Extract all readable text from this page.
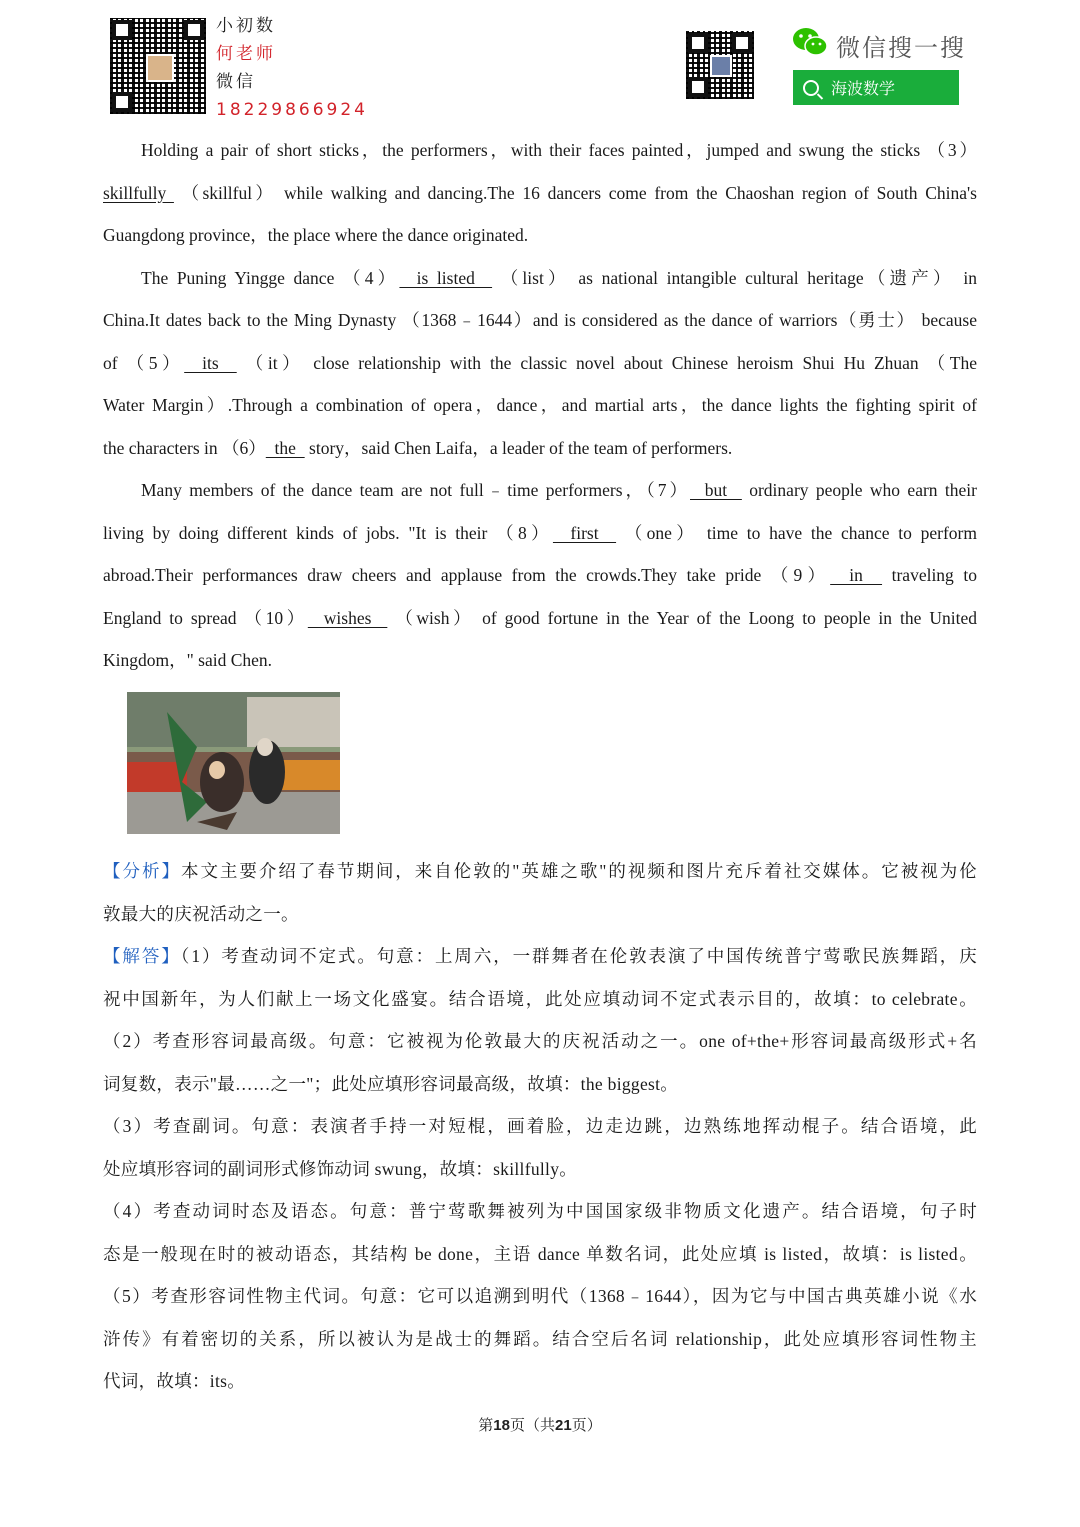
小初数
何老师
微信
18229866924
微信搜一搜
海波数学
Holding a pair of short sticks，the performers，with their faces painted，jumped and swung the sticks （3）
skillfully  （skillful） while walking and dancing.The 16 dancers come from the Chaoshan region of South China's
Guangdong province，the place where the dance originated.
The Puning Yingge dance （4）  is listed   （list） as national intangible cultural heritage（遗产） in
China.It dates back to the Ming Dynasty （1368﹣1644）and is considered as the dance of warriors（勇士） because
of （5）  its   （it） close relationship with the classic novel about Chinese heroism Shui Hu Zhuan （The
Water Margin）.Through a combination of opera，dance，and martial arts，the dance lights the fighting spirit of
the characters in （6）  the   story，said Chen Laifa，a leader of the team of performers.
Many members of the dance team are not full﹣time performers，（7）  but   ordinary people who earn their
living by doing different kinds of jobs. "It is their （8）  first   （one） time to have the chance to perform
abroad.Their performances draw cheers and applause from the crowds.They take pride （9）  in   traveling to
England to spread （10）  wishes   （wish） of good fortune in the Year of the Loong to people in the United
Kingdom，" said Chen.
【分析】本文主要介绍了春节期间，来自伦敦的"英雄之歌"的视频和图片充斥着社交媒体。它被视为伦
敦最大的庆祝活动之一。
【解答】（1）考查动词不定式。句意：上周六，一群舞者在伦敦表演了中国传统普宁莺歌民族舞蹈，庆
祝中国新年，为人们献上一场文化盛宴。结合语境，此处应填动词不定式表示目的，故填：to celebrate。
（2）考查形容词最高级。句意：它被视为伦敦最大的庆祝活动之一。one of+the+形容词最高级形式+名
词复数，表示"最……之一"；此处应填形容词最高级，故填：the biggest。
（3）考查副词。句意：表演者手持一对短棍，画着脸，边走边跳，边熟练地挥动棍子。结合语境，此
处应填形容词的副词形式修饰动词 swung，故填：skillfully。
（4）考查动词时态及语态。句意：普宁莺歌舞被列为中国国家级非物质文化遗产。结合语境，句子时
态是一般现在时的被动语态，其结构 be done，主语 dance 单数名词，此处应填 is listed，故填：is listed。
（5）考查形容词性物主代词。句意：它可以追溯到明代（1368﹣1644），因为它与中国古典英雄小说《水
浒传》有着密切的关系，所以被认为是战士的舞蹈。结合空后名词 relationship，此处应填形容词性物主
代词，故填：its。
第18页（共21页）
